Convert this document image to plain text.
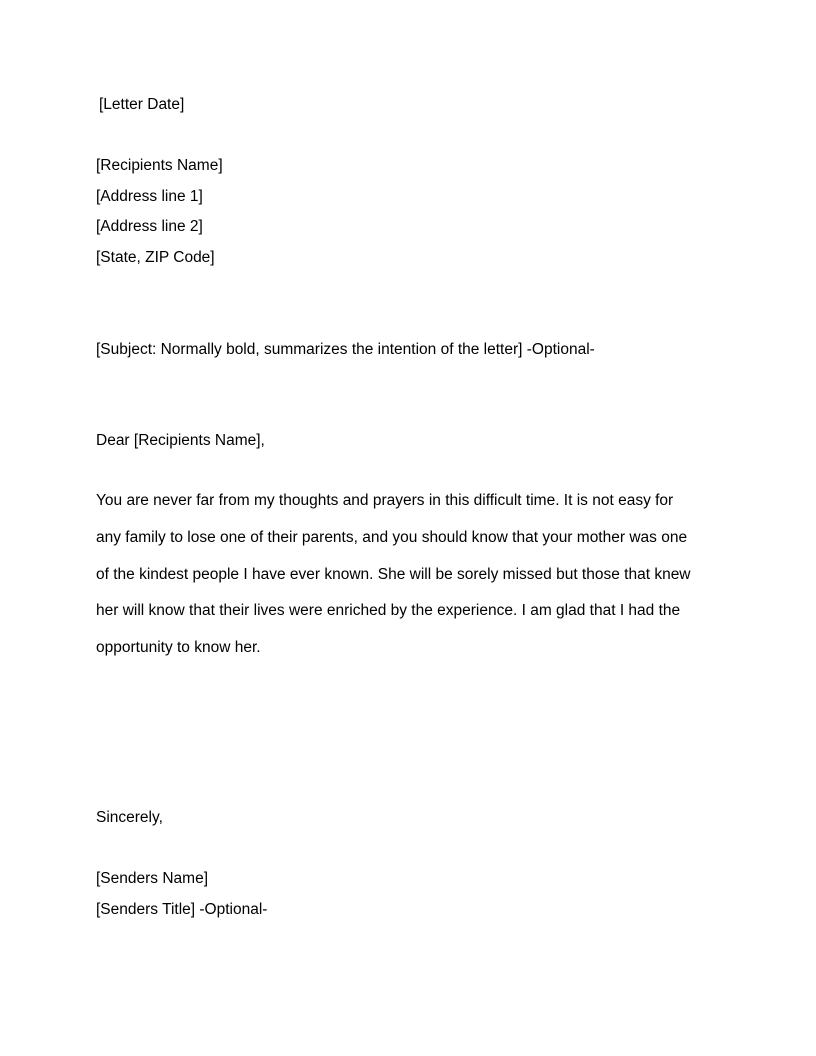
[Letter Date]
[Recipients Name]
[Address line 1]
[Address line 2]
[State, ZIP Code]
[Subject: Normally bold, summarizes the intention of the letter] -Optional-
Dear [Recipients Name],
You are never far from my thoughts and prayers in this difficult time. It is not easy for
any family to lose one of their parents, and you should know that your mother was one
of the kindest people I have ever known. She will be sorely missed but those that knew
her will know that their lives were enriched by the experience. I am glad that I had the
opportunity to know her.
Sincerely,
[Senders Name]
[Senders Title] -Optional-
